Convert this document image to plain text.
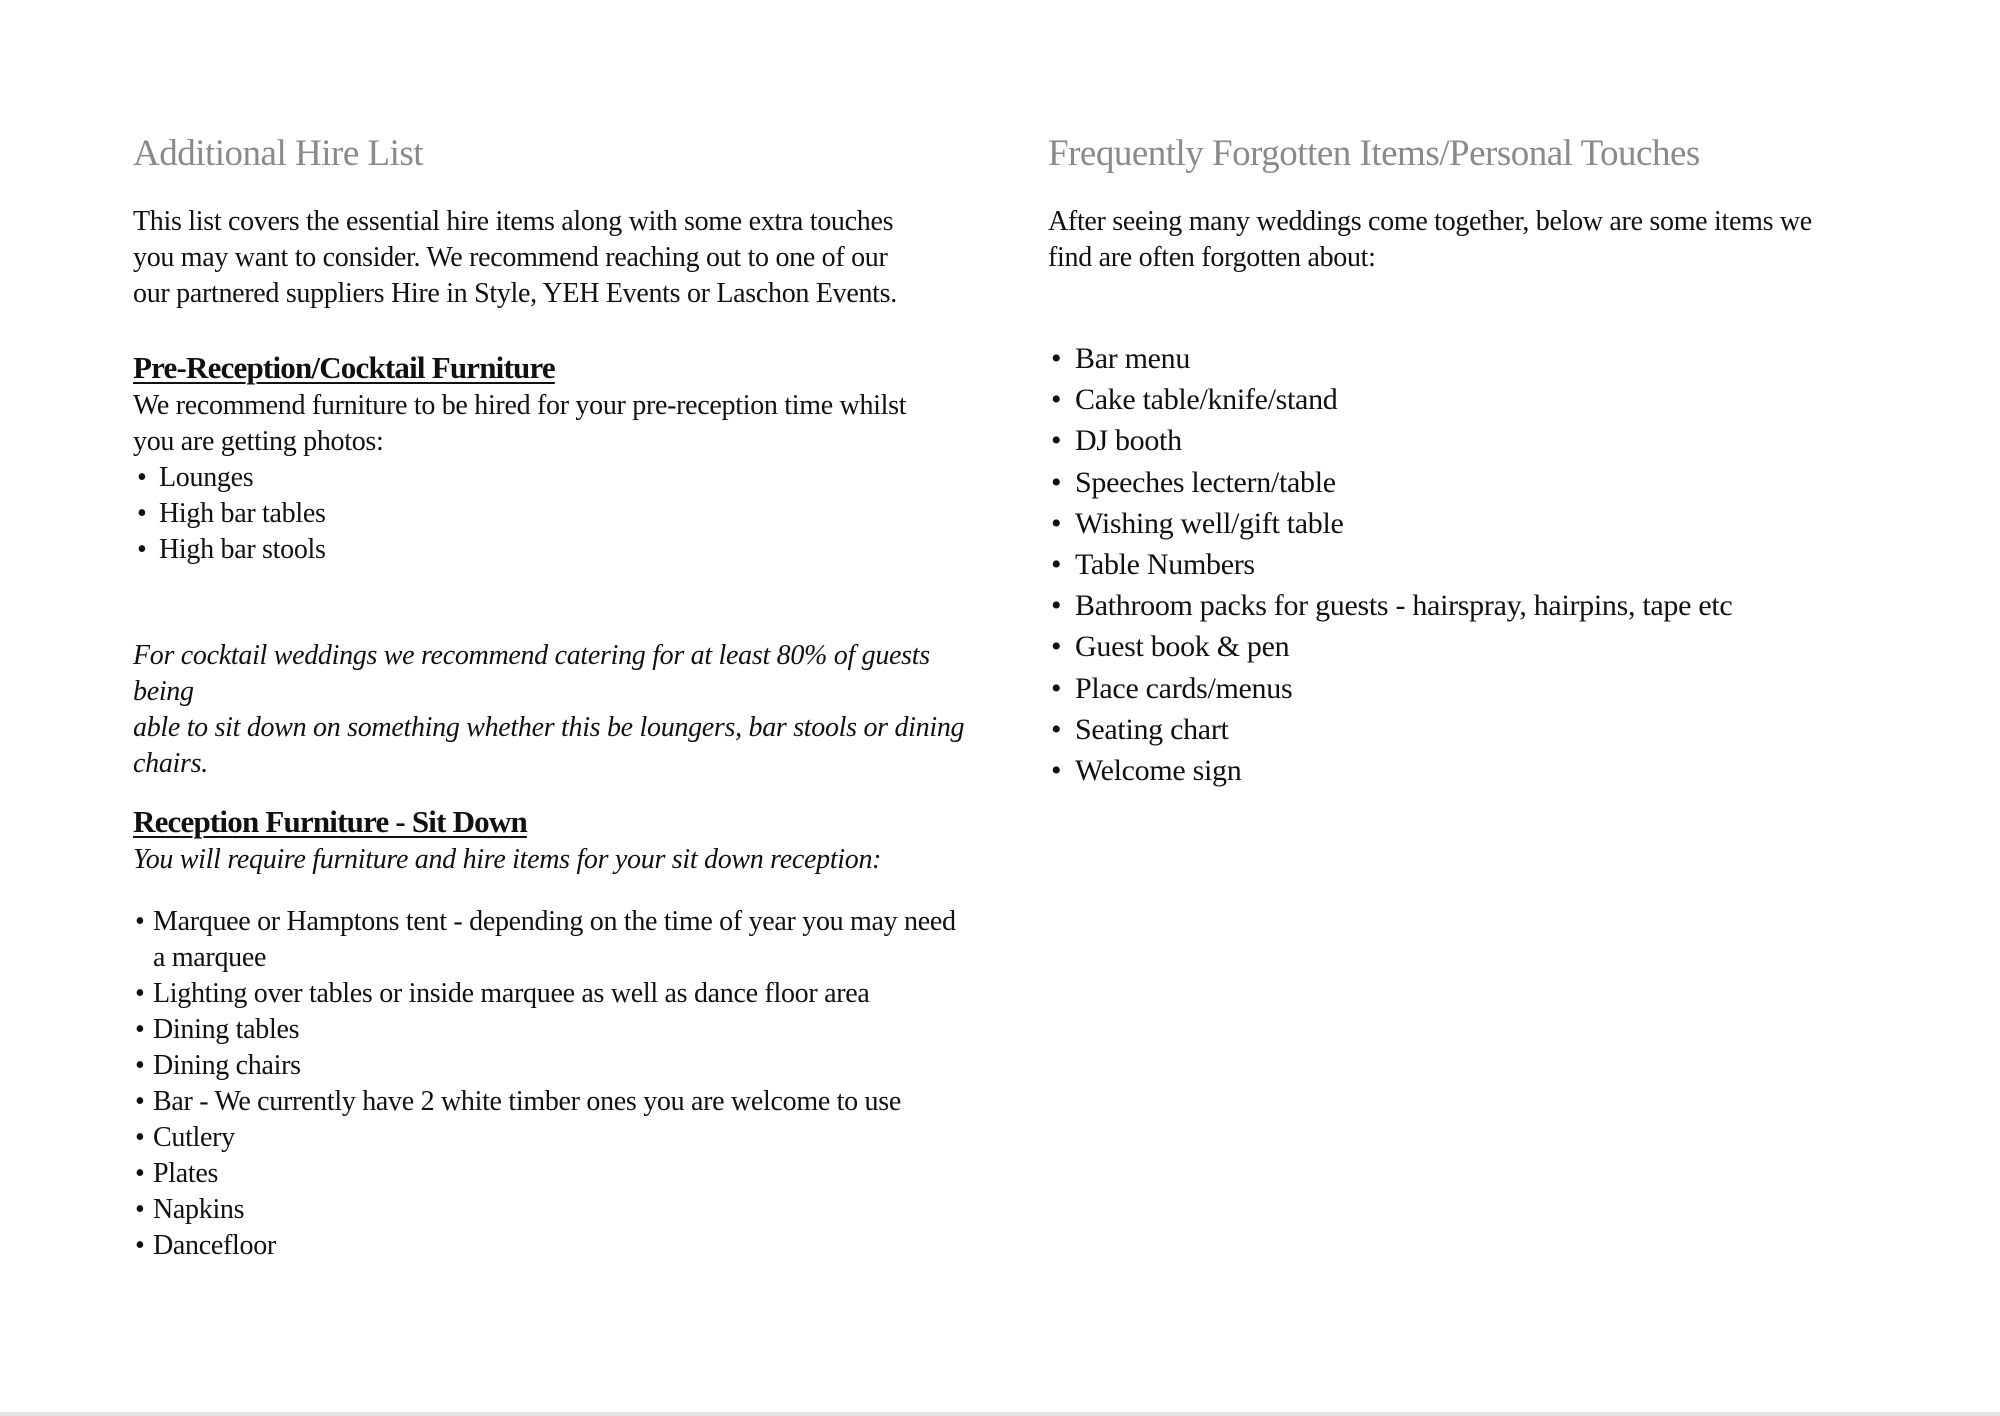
Additional Hire List

This list covers the essential hire items along with some extra touches
you may want to consider. We recommend reaching out to one of our
our partnered suppliers Hire in Style, YEH Events or Laschon Events.

Pre-Reception/Cocktail Furniture

We recommend furniture to be hired for your pre-reception time whilst
you are getting photos:

• Lounges
• High bar tables
• High bar stools

For cocktail weddings we recommend catering for at least 80% of guests being
able to sit down on something whether this be loungers, bar stools or dining
chairs.

Reception Furniture - Sit Down

You will require furniture and hire items for your sit down reception:

• Marquee or Hamptons tent - depending on the time of year you may need a marquee
• Lighting over tables or inside marquee as well as dance floor area
• Dining tables
• Dining chairs
• Bar - We currently have 2 white timber ones you are welcome to use
• Cutlery
• Plates
• Napkins
• Dancefloor
Frequently Forgotten Items/Personal Touches

After seeing many weddings come together, below are some items we
find are often forgotten about:

• Bar menu
• Cake table/knife/stand
• DJ booth
• Speeches lectern/table
• Wishing well/gift table
• Table Numbers
• Bathroom packs for guests - hairspray, hairpins, tape etc
• Guest book & pen
• Place cards/menus
• Seating chart
• Welcome sign
